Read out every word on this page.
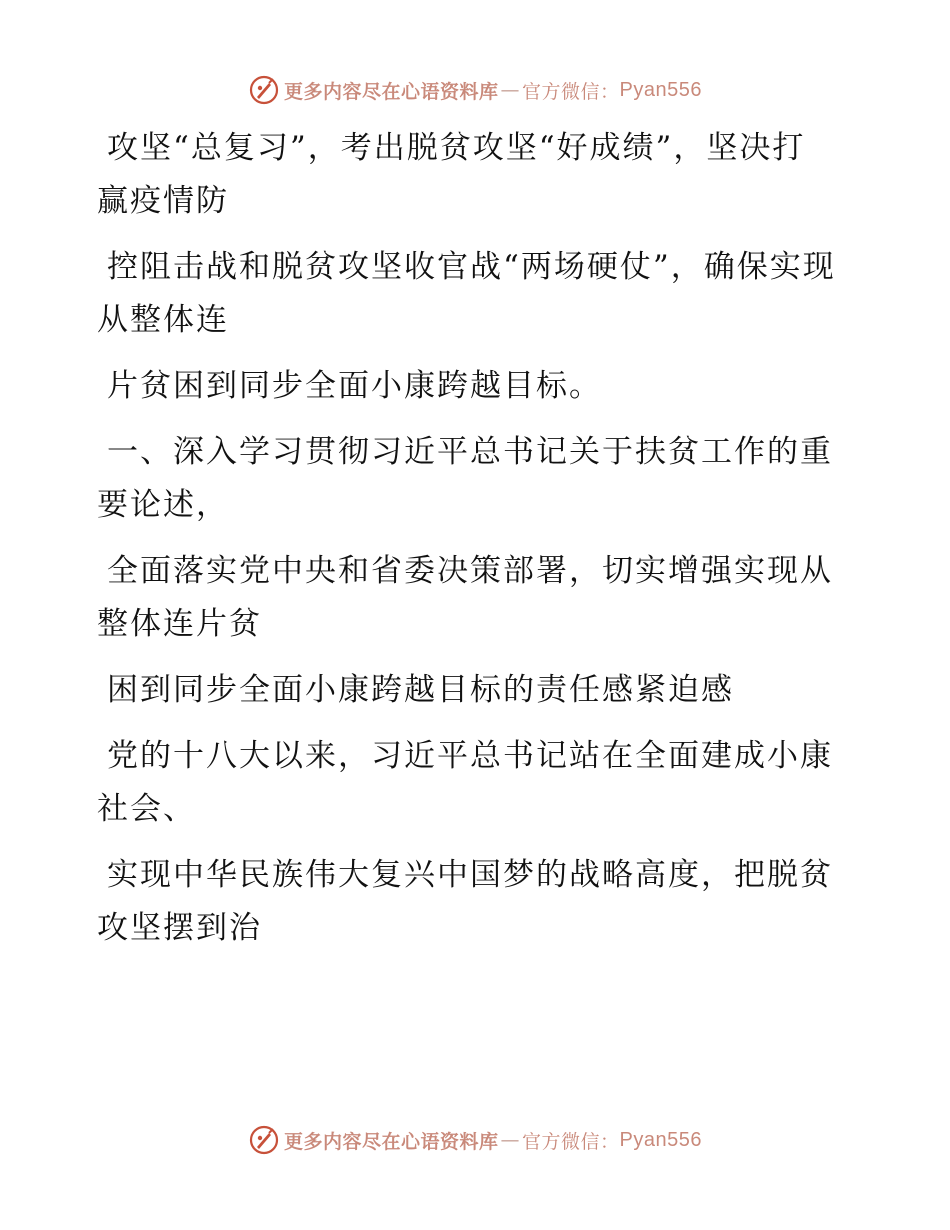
更多内容尽在心语资料库 — 官方微信： Pyan556

攻坚“总复习”，考出脱贫攻坚“好成绩”，坚决打赢疫情防

控阻击战和脱贫攻坚收官战“两场硬仗”，确保实现从整体连

片贫困到同步全面小康跨越目标。

一、深入学习贯彻习近平总书记关于扶贫工作的重要论述，

全面落实党中央和省委决策部署，切实增强实现从整体连片贫

困到同步全面小康跨越目标的责任感紧迫感

党的十八大以来，习近平总书记站在全面建成小康社会、

实现中华民族伟大复兴中国梦的战略高度，把脱贫攻坚摆到治

更多内容尽在心语资料库 — 官方微信： Pyan556
